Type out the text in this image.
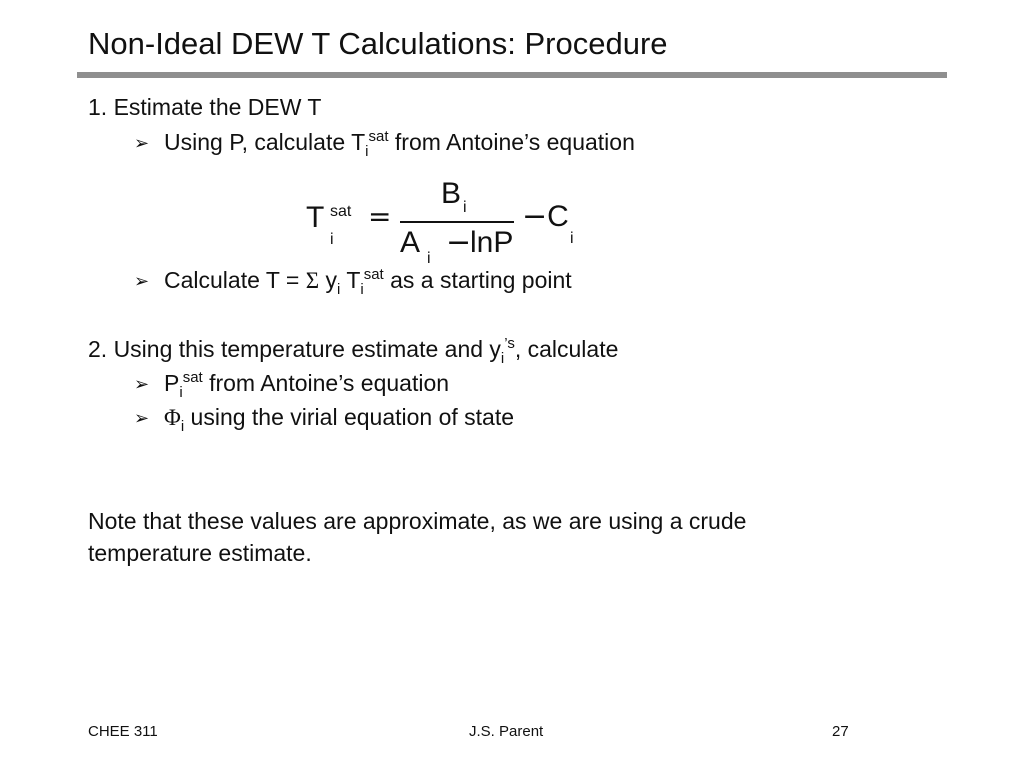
Non-Ideal DEW T Calculations: Procedure
1. Estimate the DEW T
➢ Using P, calculate $T_i^{sat}$ from Antoine’s equation
T sat
i
=
B i
A i −
lnP
−C
i
➢ Calculate T = Σ $y_i$ $T_i^{sat}$ as a starting point
2. Using this temperature estimate and $y_i^{’s}$, calculate
➢ $P_i^{sat}$ from Antoine’s equation
➢ $\Phi_i$ using the virial equation of state
Note that these values are approximate, as we are using a crude
temperature estimate.
CHEE 311	J.S. Parent	27
